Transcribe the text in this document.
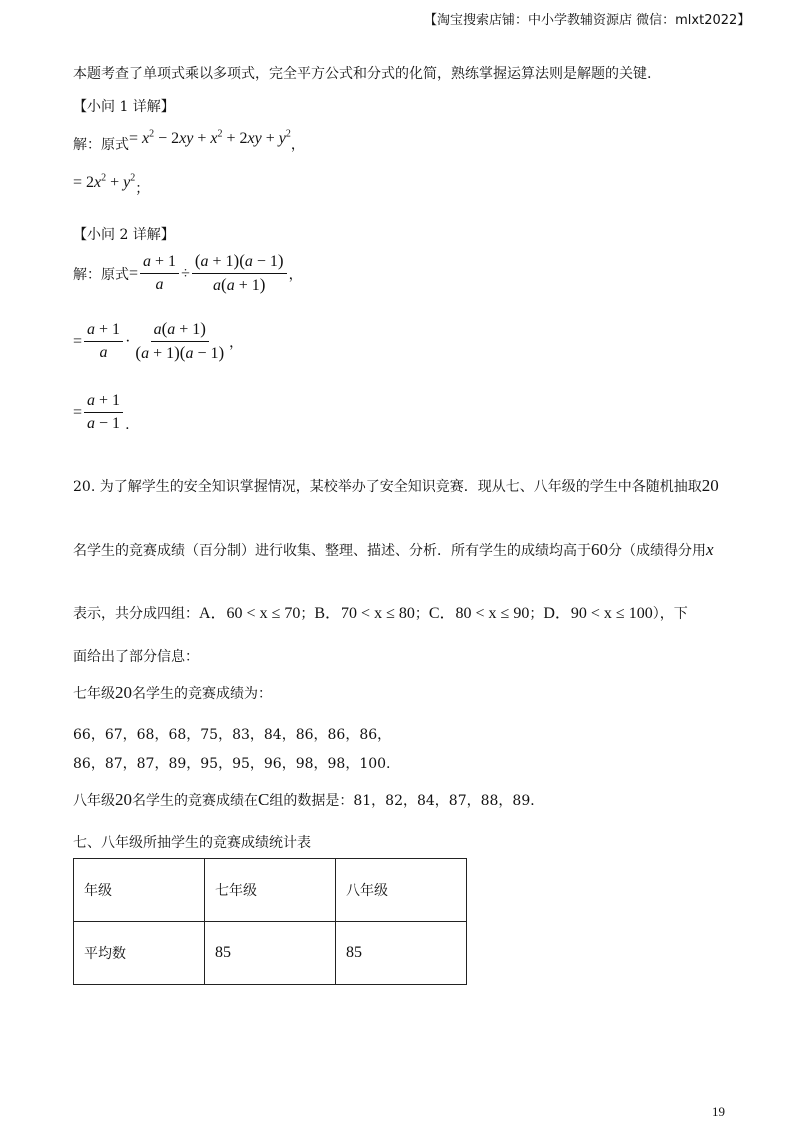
【淘宝搜索店铺：中小学教辅资源店 微信：mlxt2022】
本题考查了单项式乘以多项式，完全平方公式和分式的化简，熟练掌握运算法则是解题的关键.
【小问 1 详解】
解：原式= $x^2 - 2xy + x^2 + 2xy + y^2$，
= $2x^2 + y^2$；
【小问 2 详解】
解：原式 = $\frac{a + 1}{a} \div \frac{(a + 1)(a - 1)}{a(a + 1)}$ ，
= $\frac{a + 1}{a} \cdot \frac{a(a + 1)}{(a + 1)(a - 1)}$ ，
= $\frac{a + 1}{a - 1}$ .
20. 为了解学生的安全知识掌握情况，某校举办了安全知识竞赛．现从七、八年级的学生中各随机抽取20
名学生的竞赛成绩（百分制）进行收集、整理、描述、分析．所有学生的成绩均高于60分（成绩得分用x
表示，共分成四组：A．60 < x ≤ 70；B．70 < x ≤ 80；C．80 < x ≤ 90；D．90 < x ≤ 100），下
面给出了部分信息：
七年级20名学生的竞赛成绩为：
66，67，68，68，75，83，84，86，86，86，
86，87，87，89，95，95，96，98，98，100.
八年级20名学生的竞赛成绩在C组的数据是：81，82，84，87，88，89．
七、八年级所抽学生的竞赛成绩统计表
年级	七年级	八年级
平均数	85	85
19
